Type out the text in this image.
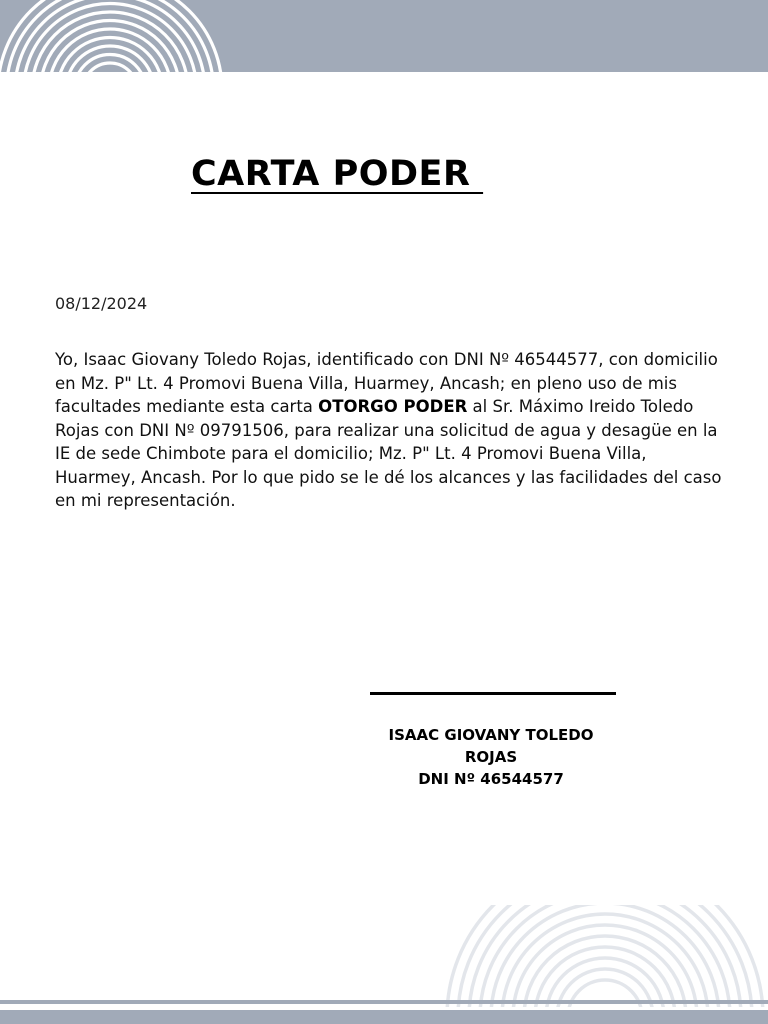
CARTA PODER
08/12/2024

Yo, Isaac Giovany Toledo Rojas, identificado con DNI Nº 46544577, con domicilio en Mz. P" Lt. 4 Promovi Buena Villa, Huarmey, Ancash; en pleno uso de mis facultades mediante esta carta OTORGO PODER al Sr. Máximo Ireido Toledo Rojas con DNI Nº 09791506, para realizar una solicitud de agua y desagüe en la IE de sede Chimbote para el domicilio; Mz. P" Lt. 4 Promovi Buena Villa, Huarmey, Ancash. Por lo que pido se le dé los alcances y las facilidades del caso en mi representación.

ISAAC GIOVANY TOLEDO ROJAS
DNI Nº 46544577
